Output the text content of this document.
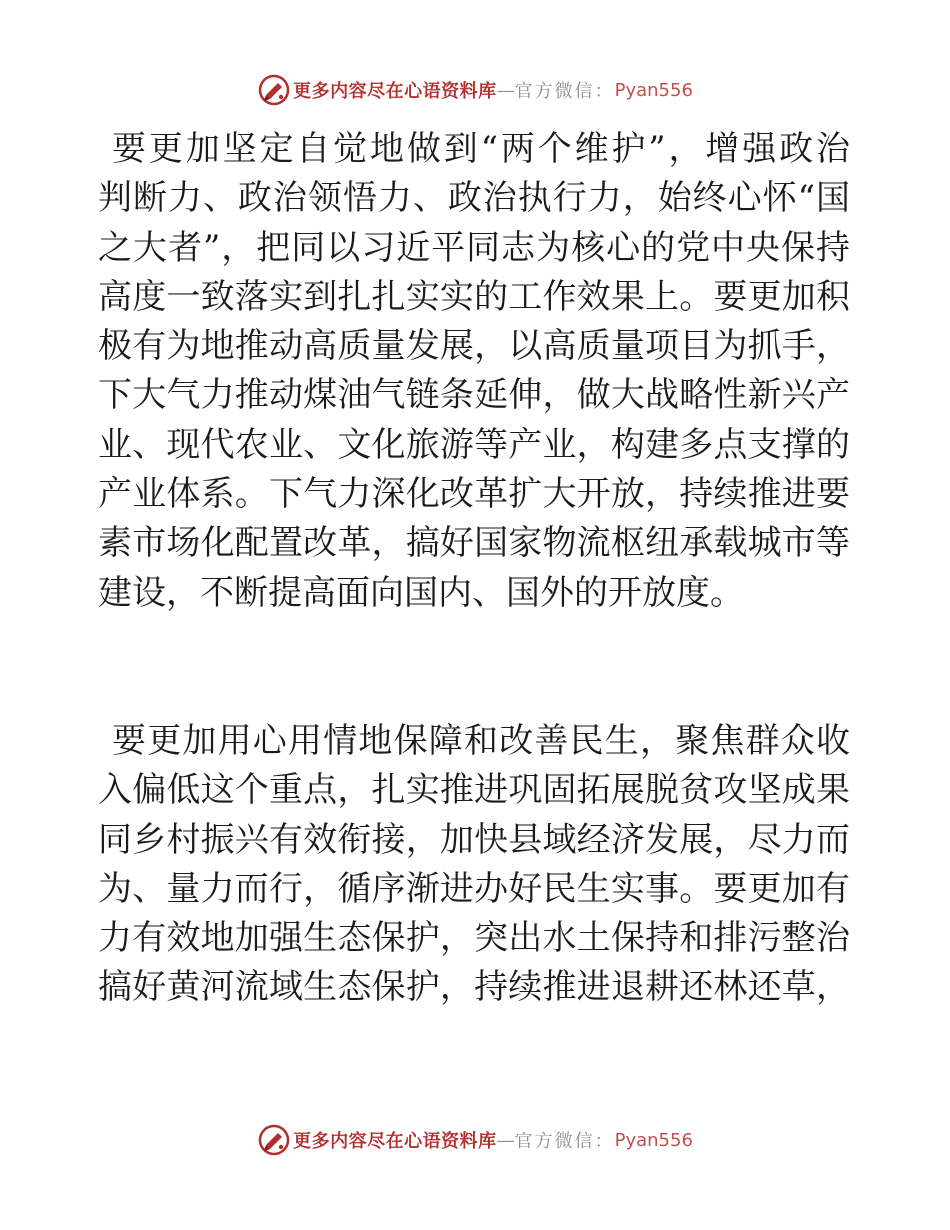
更多内容尽在心语资料库 — 官方微信： Pyan556
要更加坚定自觉地做到“两个维护”，增强政治
判断力、政治领悟力、政治执行力，始终心怀“国
之大者”，把同以习近平同志为核心的党中央保持
高度一致落实到扎扎实实的工作效果上。要更加积
极有为地推动高质量发展，以高质量项目为抓手，
下大气力推动煤油气链条延伸，做大战略性新兴产
业、现代农业、文化旅游等产业，构建多点支撑的
产业体系。下气力深化改革扩大开放，持续推进要
素市场化配置改革，搞好国家物流枢纽承载城市等
建设，不断提高面向国内、国外的开放度。
要更加用心用情地保障和改善民生，聚焦群众收
入偏低这个重点，扎实推进巩固拓展脱贫攻坚成果
同乡村振兴有效衔接，加快县域经济发展，尽力而
为、量力而行，循序渐进办好民生实事。要更加有
力有效地加强生态保护，突出水土保持和排污整治
搞好黄河流域生态保护，持续推进退耕还林还草，
更多内容尽在心语资料库 — 官方微信： Pyan556
